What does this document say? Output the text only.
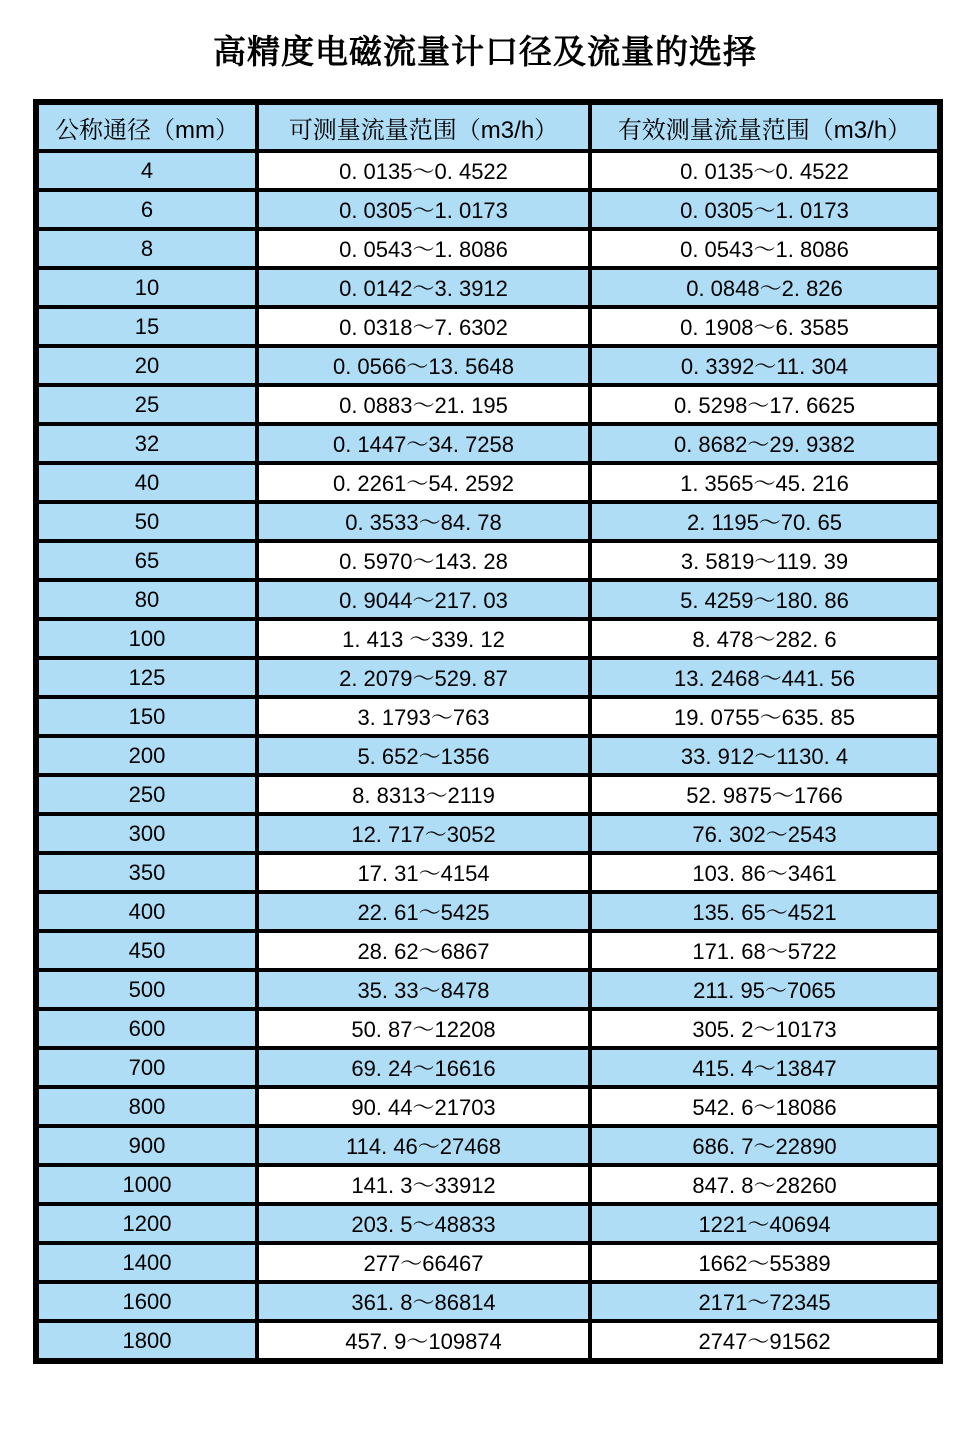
高精度电磁流量计口径及流量的选择
公称通径（mm）	可测量流量范围（m3/h）	有效测量流量范围（m3/h）
4	0. 0135～0. 4522	0. 0135～0. 4522
6	0. 0305～1. 0173	0. 0305～1. 0173
8	0. 0543～1. 8086	0. 0543～1. 8086
10	0. 0142～3. 3912	0. 0848～2. 826
15	0. 0318～7. 6302	0. 1908～6. 3585
20	0. 0566～13. 5648	0. 3392～11. 304
25	0. 0883～21. 195	0. 5298～17. 6625
32	0. 1447～34. 7258	0. 8682～29. 9382
40	0. 2261～54. 2592	1. 3565～45. 216
50	0. 3533～84. 78	2. 1195～70. 65
65	0. 5970～143. 28	3. 5819～119. 39
80	0. 9044～217. 03	5. 4259～180. 86
100	1. 413 ～339. 12	8. 478～282. 6
125	2. 2079～529. 87	13. 2468～441. 56
150	3. 1793～763	19. 0755～635. 85
200	5. 652～1356	33. 912～1130. 4
250	8. 8313～2119	52. 9875～1766
300	12. 717～3052	76. 302～2543
350	17. 31～4154	103. 86～3461
400	22. 61～5425	135. 65～4521
450	28. 62～6867	171. 68～5722
500	35. 33～8478	211. 95～7065
600	50. 87～12208	305. 2～10173
700	69. 24～16616	415. 4～13847
800	90. 44～21703	542. 6～18086
900	114. 46～27468	686. 7～22890
1000	141. 3～33912	847. 8～28260
1200	203. 5～48833	1221～40694
1400	277～66467	1662～55389
1600	361. 8～86814	2171～72345
1800	457. 9～109874	2747～91562
